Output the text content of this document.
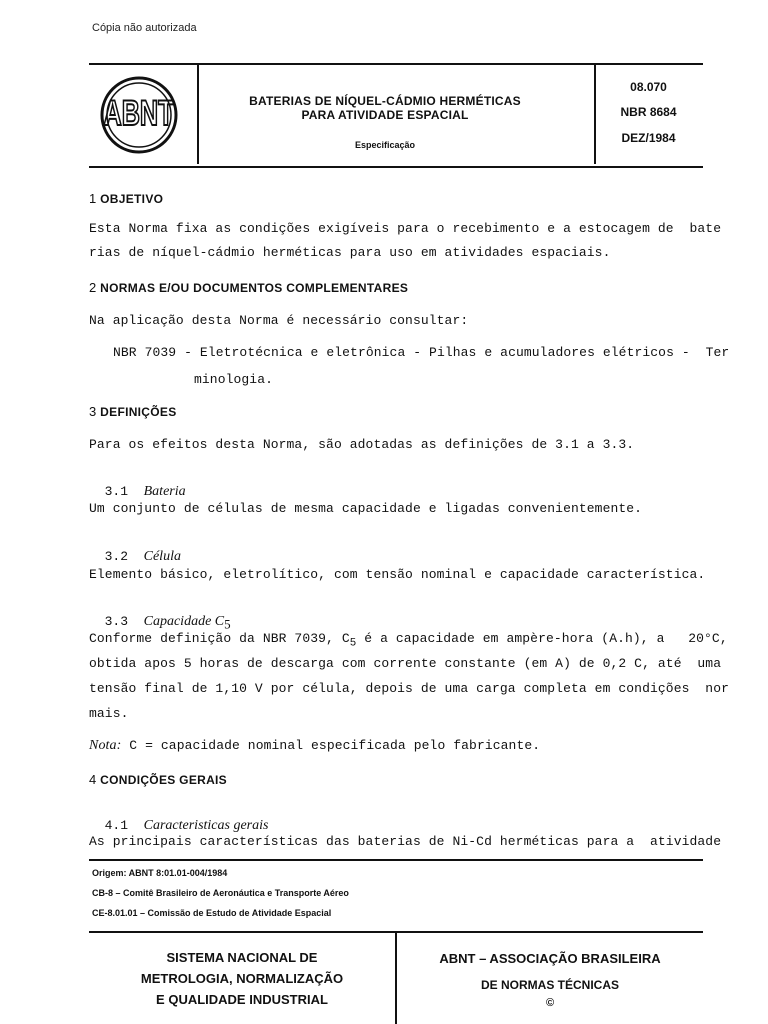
Cópia não autorizada
ABNT	BATERIAS DE NÍQUEL-CÁDMIO HERMÉTICAS
PARA ATIVIDADE ESPACIAL
Especificação
08.070
NBR 8684
DEZ/1984
1 OBJETIVO
Esta Norma fixa as condições exigíveis para o recebimento e a estocagem de  bate
rias de níquel-cádmio herméticas para uso em atividades espaciais.
2 NORMAS E/OU DOCUMENTOS COMPLEMENTARES
Na aplicação desta Norma é necessário consultar:
NBR 7039 - Eletrotécnica e eletrônica - Pilhas e acumuladores elétricos -  Ter
minologia.
3 DEFINIÇÕES
Para os efeitos desta Norma, são adotadas as definições de 3.1 a 3.3.

3.1 Bateria

Um conjunto de células de mesma capacidade e ligadas convenientemente.

3.2 Célula

Elemento básico, eletrolítico, com tensão nominal e capacidade característica.

3.3 Capacidade $C_5$

Conforme definição da NBR 7039, $C_5$ é a capacidade em ampère-hora (A.h), a   20°C,
obtida apos 5 horas de descarga com corrente constante (em A) de 0,2 C, até  uma
tensão final de 1,10 V por célula, depois de uma carga completa em condições  nor
mais.
Nota: C = capacidade nominal especificada pelo fabricante.
4 CONDIÇÕES GERAIS

4.1 Caracteristicas gerais

As principais características das baterias de Ni-Cd herméticas para a  atividade
Origem: ABNT 8:01.01-004/1984
CB-8 – Comitê Brasileiro de Aeronáutica e Transporte Aéreo
CE-8.01.01 – Comissão de Estudo de Atividade Espacial
SISTEMA NACIONAL DE
METROLOGIA, NORMALIZAÇÃO
E QUALIDADE INDUSTRIAL
ABNT – ASSOCIAÇÃO BRASILEIRA
DE NORMAS TÉCNICAS
©
